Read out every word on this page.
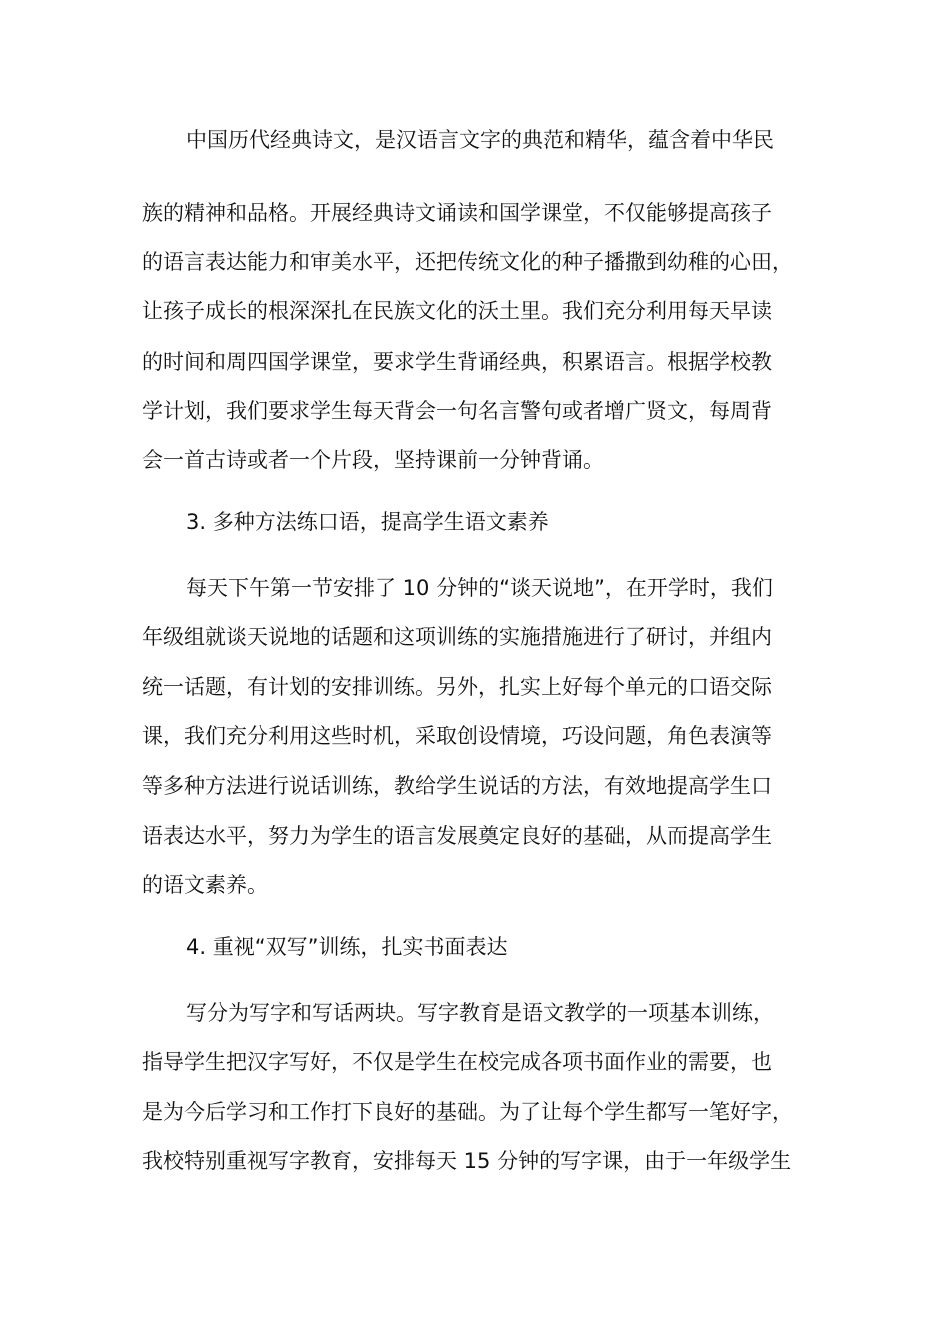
中国历代经典诗文，是汉语言文字的典范和精华，蕴含着中华民
族的精神和品格。开展经典诗文诵读和国学课堂，不仅能够提高孩子
的语言表达能力和审美水平，还把传统文化的种子播撒到幼稚的心田，
让孩子成长的根深深扎在民族文化的沃土里。我们充分利用每天早读
的时间和周四国学课堂，要求学生背诵经典，积累语言。根据学校教
学计划，我们要求学生每天背会一句名言警句或者增广贤文，每周背
会一首古诗或者一个片段，坚持课前一分钟背诵。
3. 多种方法练口语，提高学生语文素养
每天下午第一节安排了 10 分钟的“谈天说地”，在开学时，我们
年级组就谈天说地的话题和这项训练的实施措施进行了研讨，并组内
统一话题，有计划的安排训练。另外，扎实上好每个单元的口语交际
课，我们充分利用这些时机，采取创设情境，巧设问题，角色表演等
等多种方法进行说话训练，教给学生说话的方法，有效地提高学生口
语表达水平，努力为学生的语言发展奠定良好的基础，从而提高学生
的语文素养。
4. 重视“双写”训练，扎实书面表达
写分为写字和写话两块。写字教育是语文教学的一项基本训练，
指导学生把汉字写好，不仅是学生在校完成各项书面作业的需要，也
是为今后学习和工作打下良好的基础。为了让每个学生都写一笔好字，
我校特别重视写字教育，安排每天 15 分钟的写字课，由于一年级学生
